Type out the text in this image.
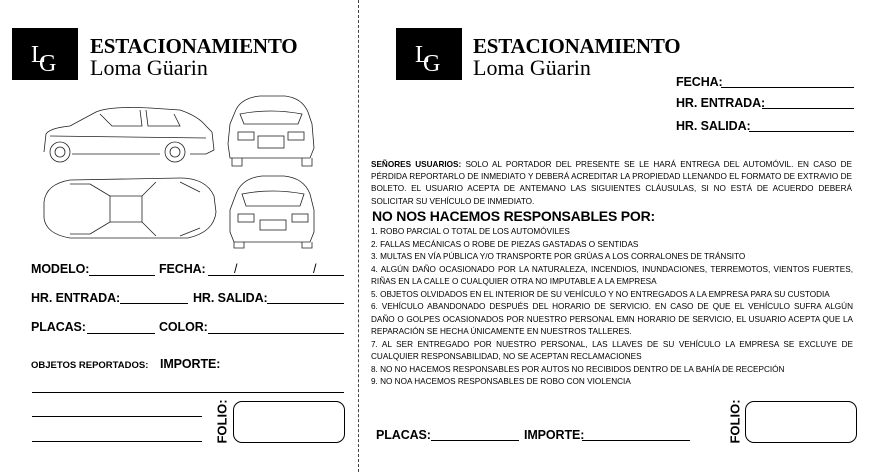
L
G
ESTACIONAMIENTO
Loma Güarin
MODELO:	FECHA: /	/
HR. ENTRADA:	HR. SALIDA:
PLACAS:	COLOR:
OBJETOS REPORTADOS: IMPORTE:
FOLIO:
L
G
ESTACIONAMIENTO
Loma Güarin
FECHA:
HR. ENTRADA:
HR. SALIDA:
SEÑORES USUARIOS: SOLO AL PORTADOR DEL PRESENTE SE LE HARÁ ENTREGA DEL AUTOMÓVIL. EN CASO DE PÉRDIDA REPORTARLO DE INMEDIATO Y DEBERÁ ACREDITAR LA PROPIEDAD LLENANDO EL FORMATO DE EXTRAVIO DE BOLETO. EL USUARIO ACEPTA DE ANTEMANO LAS SIGUIENTES CLÁUSULAS, SI NO ESTÁ DE ACUERDO DEBERÁ SOLICITAR SU VEHÍCULO DE INMEDIATO.
NO NOS HACEMOS RESPONSABLES POR:
1. ROBO PARCIAL O TOTAL DE LOS AUTOMÓVILES
2. FALLAS MECÁNICAS O ROBE DE PIEZAS GASTADAS O SENTIDAS
3. MULTAS EN VÍA PÚBLICA Y/O TRANSPORTE POR GRÚAS A LOS CORRALONES DE TRÁNSITO
4. ALGÚN DAÑO OCASIONADO POR LA NATURALEZA, INCENDIOS, INUNDACIONES, TERREMOTOS, VIENTOS FUERTES, RIÑAS EN LA CALLE O CUALQUIER OTRA NO IMPUTABLE A LA EMPRESA
5. OBJETOS OLVIDADOS EN EL INTERIOR DE SU VEHÍCULO Y NO ENTREGADOS A LA EMPRESA PARA SU CUSTODIA
6. VEHÍCULO ABANDONADO DESPUÉS DEL HORARIO DE SERVICIO. EN CASO DE QUE EL VEHÍCULO SUFRA ALGÚN DAÑO O GOLPES OCASIONADOS POR NUESTRO PERSONAL EMN HORARIO DE SERVICIO, EL USUARIO ACEPTA QUE LA REPARACIÓN SE HECHA ÚNICAMENTE EN NUESTROS TALLERES.
7. AL SER ENTREGADO POR NUESTRO PERSONAL, LAS LLAVES DE SU VEHÍCULO LA EMPRESA SE EXCLUYE DE CUALQUIER RESPONSABILIDAD, NO SE ACEPTAN RECLAMACIONES
8. NO NO HACEMOS RESPONSABLES POR AUTOS NO RECIBIDOS DENTRO DE LA BAHÍA DE RECEPCIÓN
9. NO NOA HACEMOS RESPONSABLES DE ROBO CON VIOLENCIA
PLACAS:	IMPORTE:	FOLIO:
